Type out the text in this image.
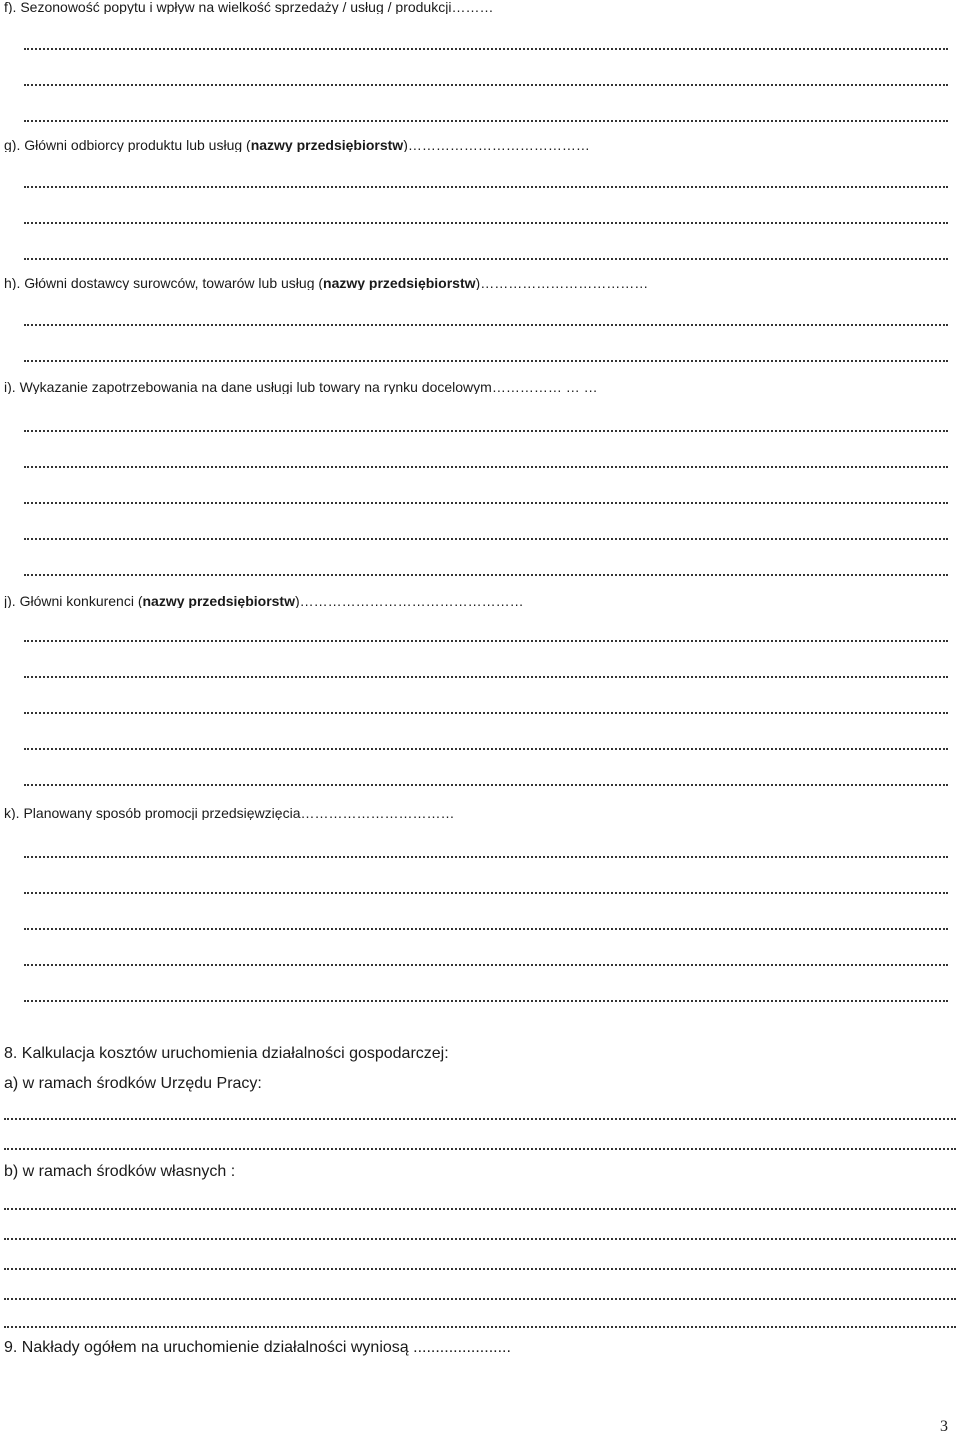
f). Sezonowość popytu i wpływ na wielkość sprzedaży / usług / produkcji………
g). Główni odbiorcy produktu lub usług (nazwy przedsiębiorstw)…………………………………
h). Główni dostawcy surowców, towarów lub usług (nazwy przedsiębiorstw)………………………………
i). Wykazanie zapotrzebowania na dane usługi lub towary na rynku docelowym…………… … …
j). Główni konkurenci (nazwy przedsiębiorstw)…………………………………………
k). Planowany sposób promocji przedsięwzięcia……………………………
8. Kalkulacja kosztów uruchomienia działalności gospodarczej:
a) w ramach środków Urzędu Pracy:
b) w ramach środków własnych :
9. Nakłady ogółem na uruchomienie działalności wyniosą ......................
3
